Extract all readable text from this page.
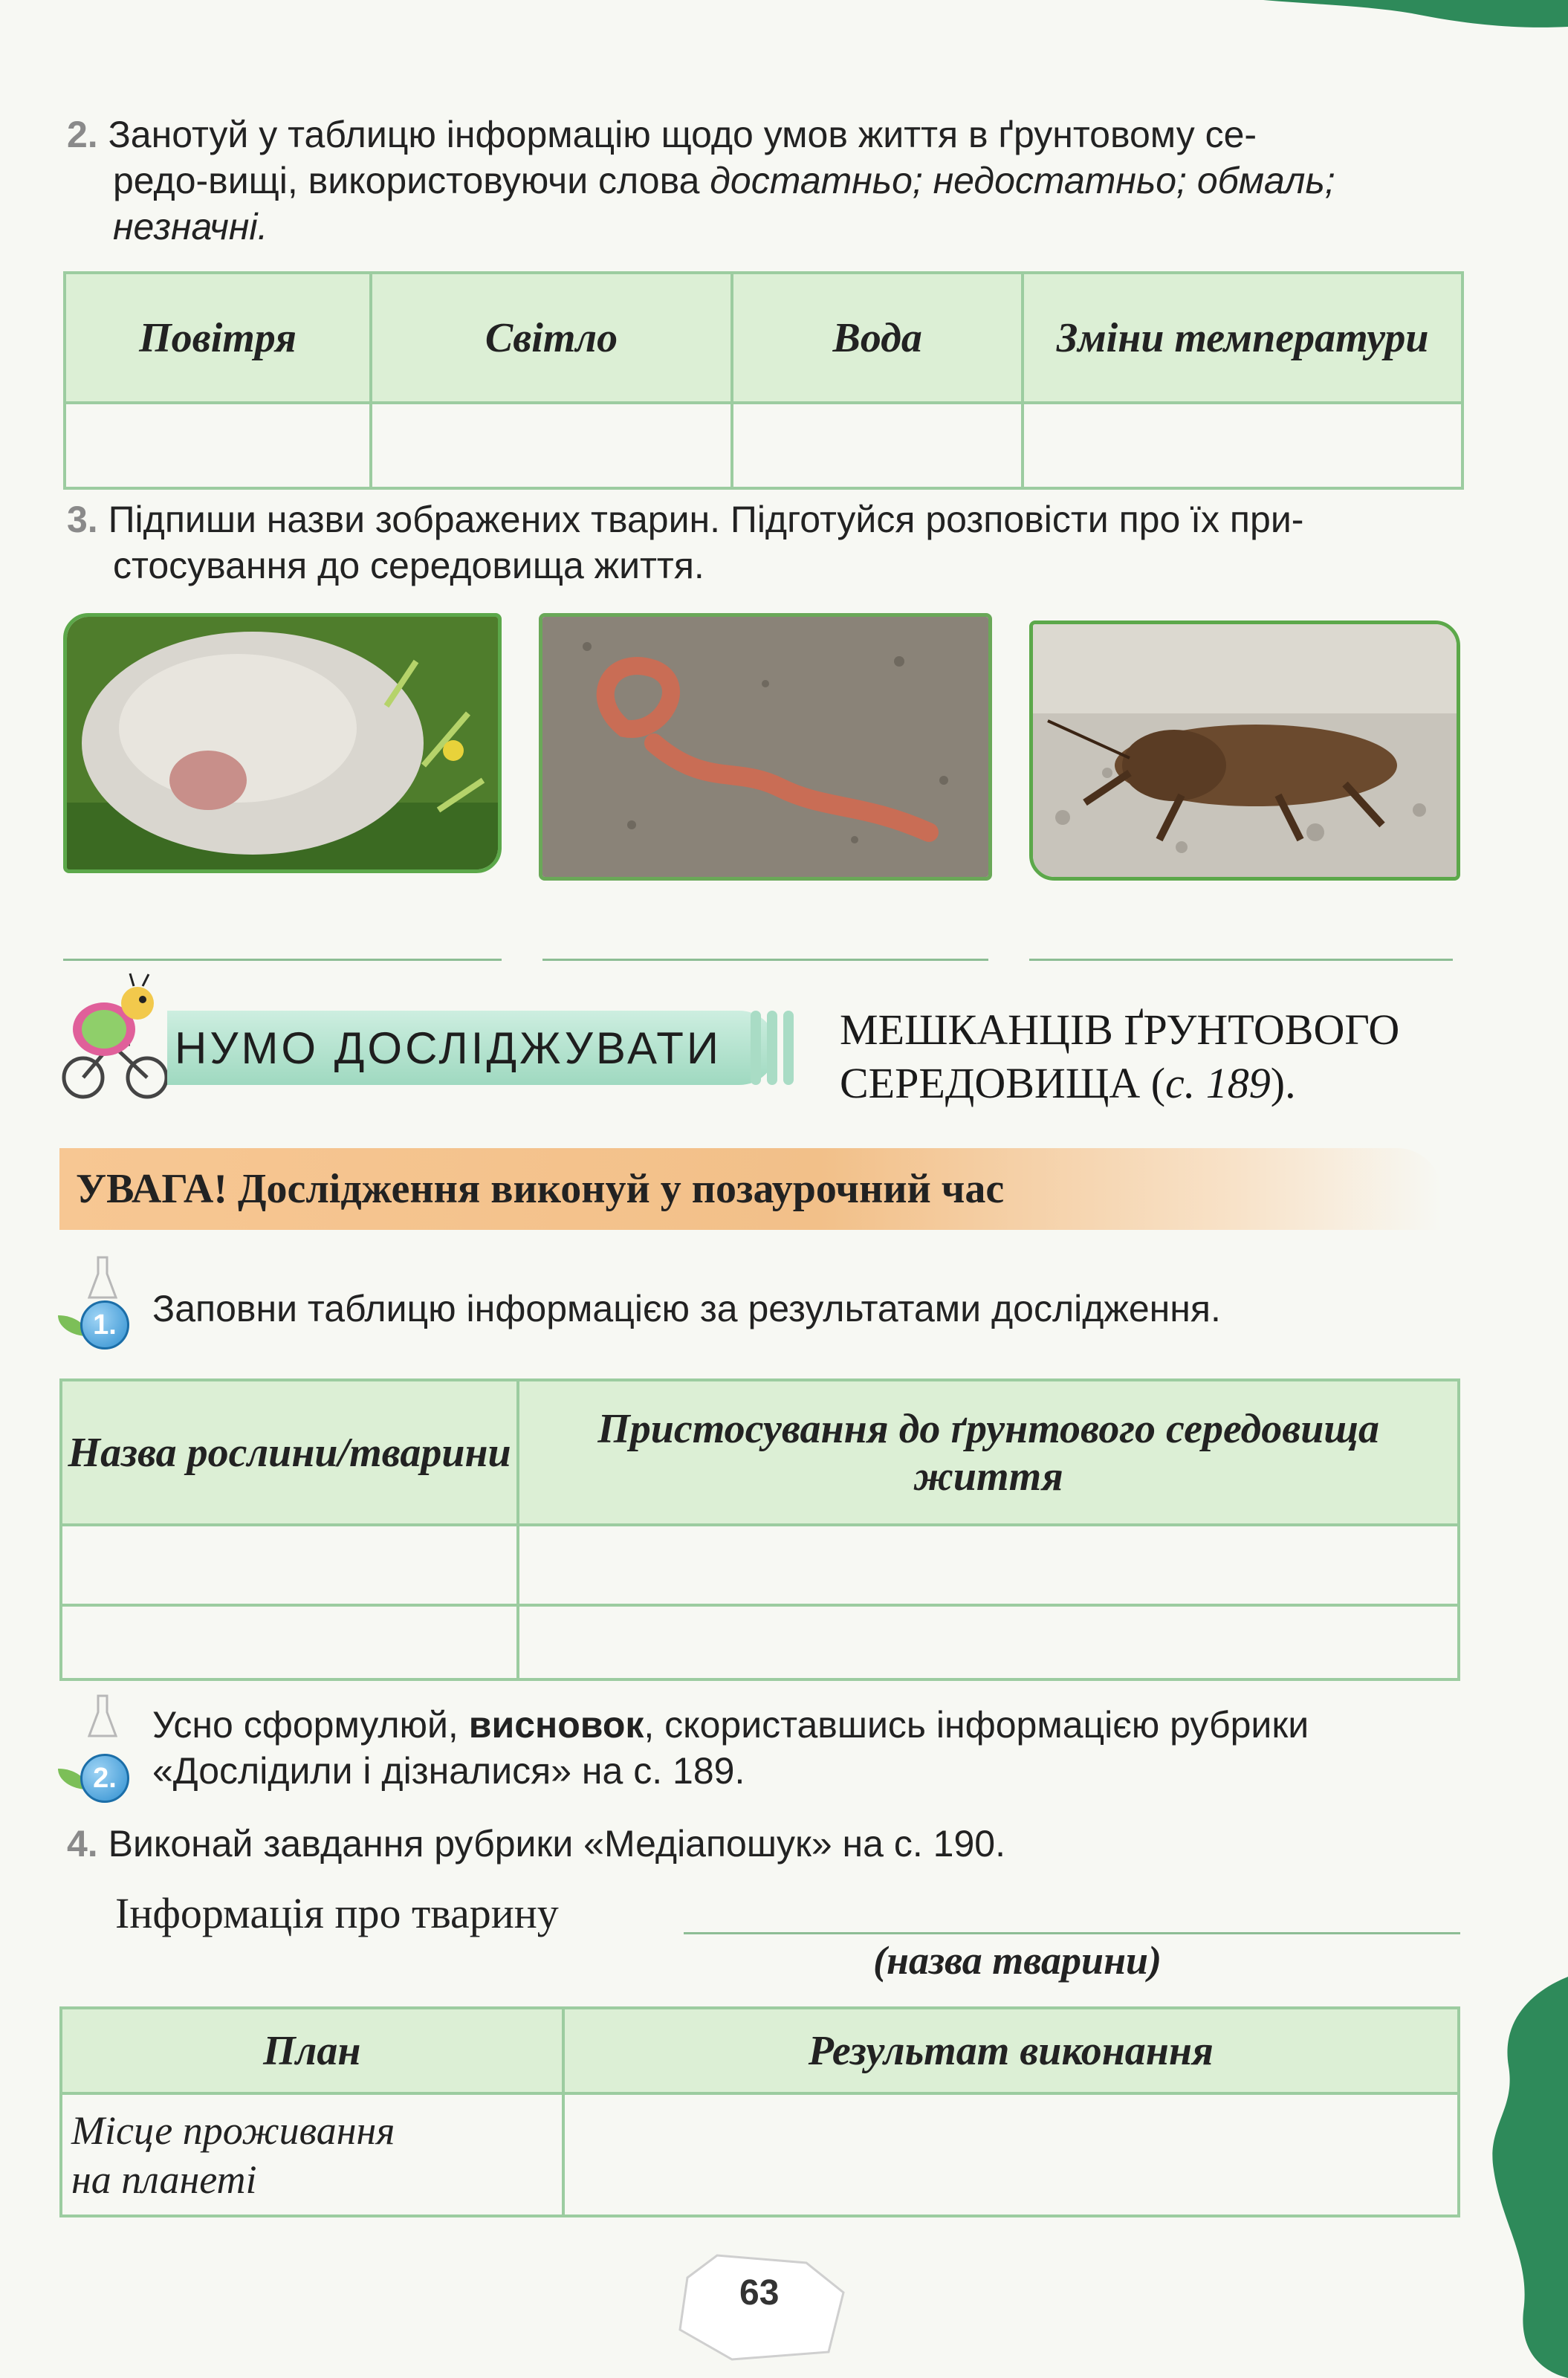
2. Занотуй у таблицю інформацію щодо умов життя в ґрунтовому се-
редо-вищі, використовуючи слова достатньо; недостатньо; обмаль;
незначні.
Повітря	Світло	Вода	Зміни температури

3. Підпиши назви зображених тварин. Підготуйся розповісти про їх при-
стосування до середовища життя.
НУМО ДОСЛІДЖУВАТИ	МЕШКАНЦІВ ҐРУНТОВОГО
СЕРЕДОВИЩА (с. 189).
УВАГА! Дослідження виконуй у позаурочний час
1. Заповни таблицю інформацією за результатами дослідження.
Назва рослини/тварини	Пристосування до ґрунтового середовища життя

2.
Усно сформулюй, висновок, скориставшись інформацією рубрики
«Дослідили і дізналися» на с. 189.
4. Виконай завдання рубрики «Медіапошук» на с. 190.
Інформація про тварину
(назва тварини)
План	Результат виконання
Місце проживання
на планеті	
63
